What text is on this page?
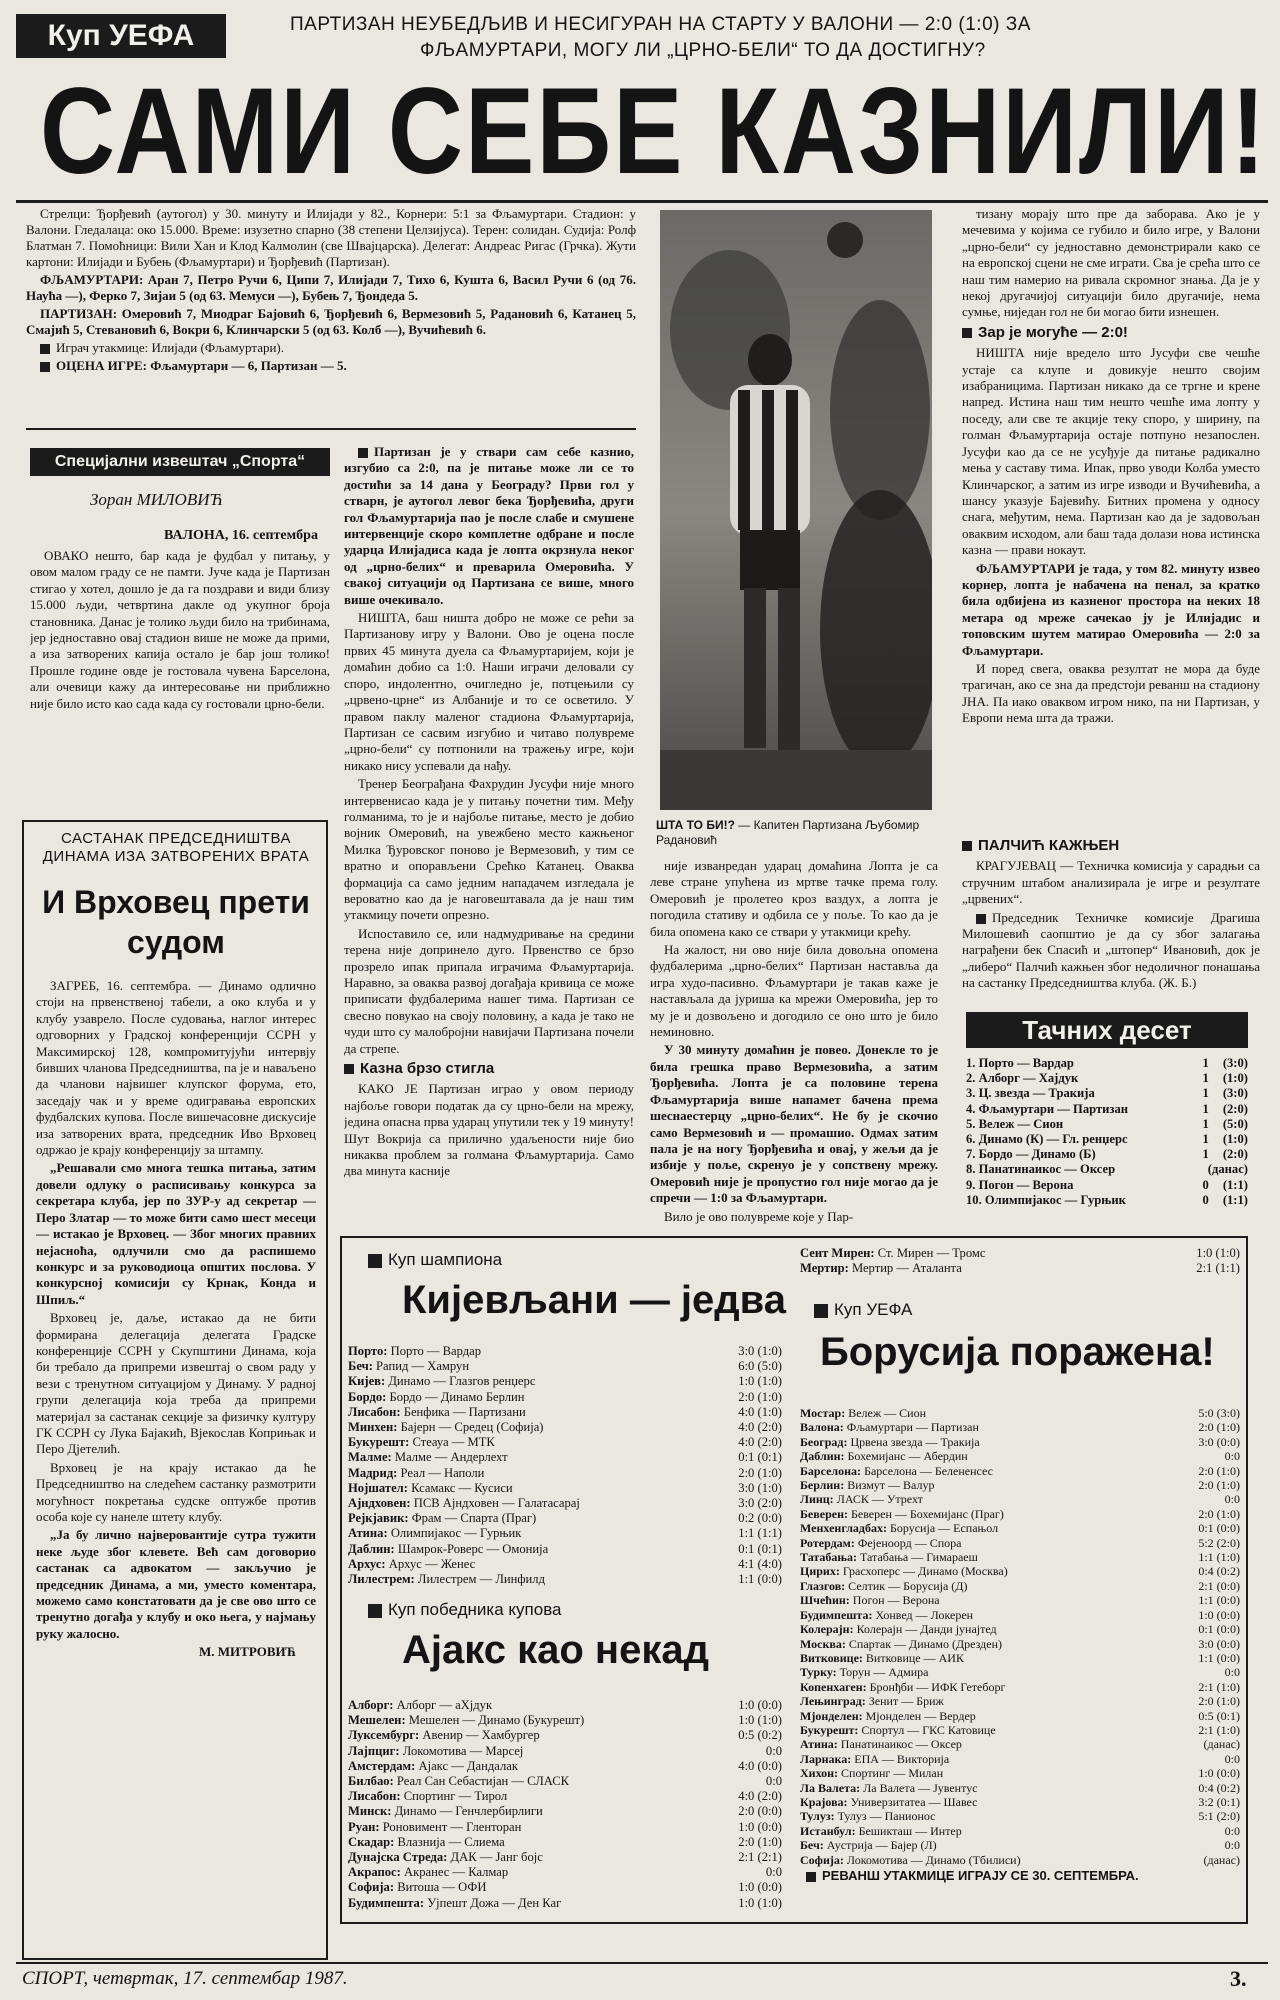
Куп УЕФА	ПАРТИЗАН НЕУБЕДЉИВ И НЕСИГУРАН НА СТАРТУ У ВАЛОНИ — 2:0 (1:0) ЗА
ФЉАМУРТАРИ, МОГУ ЛИ „ЦРНО-БЕЛИ“ ТО ДА ДОСТИГНУ?
САМИ СЕБЕ КАЗНИЛИ!

Стрелци: Ђорђевић (аутогол) у 30. минуту и Илијади у 82., Корнери: 5:1 за Фљамуртари. Стадион: у Валони. Гледалаца: око 15.000. Време: изузетно спарно (38 степени Целзијуса). Терен: солидан. Судија: Ролф Блатман 7. Помоћници: Вили Хан и Клод Калмолин (све Швајцарска). Делегат: Андреас Ригас (Грчка). Жути картони: Илијади и Бубењ (Фљамуртари) и Ђорђевић (Партизан).

ФЉАМУРТАРИ: Аран 7, Петро Ручи 6, Ципи 7, Илијади 7, Тихо 6, Кушта 6, Васил Ручи 6 (од 76. Наућа —), Ферко 7, Зијаи 5 (од 63. Мемуси —), Бубењ 7, Ђондеда 5.

ПАРТИЗАН: Омеровић 7, Миодраг Бајовић 6, Ђорђевић 6, Вермезовић 5, Радановић 6, Катанец 5, Смајић 5, Стевановић 6, Вокри 6, Клинчарски 5 (од 63. Колб —), Вучићевић 6.

Играч утакмице: Илијади (Фљамуртари).

ОЦЕНА ИГРЕ: Фљамуртари — 6, Партизан — 5.

Специјални извештач „Спорта“
Зоран МИЛОВИЋ
ВАЛОНА, 16. септембра

ОВАКО нешто, бар када је фудбал у питању, у овом малом граду се не памти. Јуче када је Партизан стигао у хотел, дошло је да га поздрави и види близу 15.000 људи, четвртина дакле од укупног броја становника. Данас је толико људи било на трибинама, јер једноставно овај стадион више не може да прими, а иза затворених капија остало је бар још толико! Прошле године овде је гостовала чувена Барселона, али очевици кажу да интересовање ни приближно није било исто као сада када су гостовали црно-бели.

Партизан је у ствари сам себе казнио, изгубио са 2:0, па је питање може ли се то достићи за 14 дана у Београду? Први гол у стварн, је аутогол левог бека Ђорђевића, други гол Фљамуртарија пао је после слабе и смушене интервенције скоро комплетне одбране и после ударца Илијадиса када је лопта окрзнула неког од „црно-белих“ и преварила Омеровића. У свакој ситуацији од Партизана се више, много више очекивало.

НИШТА, баш ништа добро не може се рећи за Партизанову игру у Валони. Ово је оцена после првих 45 минута дуела са Фљамуртаријем, који је домаћин добио са 1:0. Наши играчи деловали су споро, индолентно, очигледно је, потцењили су „црвено-црне“ из Албаније и то се осветило. У правом паклу маленог стадиона Фљамуртарија, Партизан се сасвим изгубио и читаво полувреме „црно-бели“ су потпонили на тражењу игре, који никако нису успевали да нађу.

Тренер Београђана Фахрудин Јусуфи није много интервенисао када је у питању почетни тим. Међу голманима, то је и најбоље питање, место је добио војник Омеровић, на увежбено место кажњеног Милка Ђуровског поново је Вермезовић, у тим се вратно и опорављени Срећко Катанец. Оваква формација са само једним нападачем изгледала је вероватно као да је наговештавала да је наш тим утакмицу почети опрезно.

Испоставило се, или надмудривање на средини терена није допринело дуго. Првенство се брзо прозрело ипак припала играчима Фљамуртарија. Наравно, за оваква развој догађаја кривица се може приписати фудбалерима нашег тима. Партизан се свесно повукао на своју половину, а када је тако не чуди што су малобројни навијачи Партизана почели да стрепе.

Казна брзо стигла

КАКО ЈЕ Партизан играо у овом периоду најбоље говори податак да су црно-бели на мрежу, једина опасна прва ударац упутили тек у 19 минуту! Шут Вокрија са прилично удаљености није био никаква проблем за голмана Фљамуртарија. Само два минута касније

ШТА ТО БИ!? — Капитен Партизана Љубомир Радановић

није изванредан ударац домаћина Лопта је са леве стране упућена из мртве тачке према голу. Омеровић је пролетео кроз ваздух, а лопта је погодила стативу и одбила се у поље. То као да је била опомена како се ствари у утакмици крећу.

На жалост, ни ово није била довољна опомена фудбалерима „црно-белих“ Партизан наставља да игра худо-пасивно. Фљамуртари је такав каже је настављала да јуриша ка мрежи Омеровића, јер то му је и дозвољено и догодило се оно што је било неминовно.

У 30 минуту домаћин је повео. Донекле то је била грешка право Вермезовића, а затим Ђорђевића. Лопта је са половине терена Фљамуртарија више напамет бачена према шеснаестерцу „црно-белих“. Не бу је скочио само Вермезовић и — промашио. Одмах затим пала је на ногу Ђорђевића и овај, у жељи да је избије у поље, скренуо је у сопствену мрежу. Омеровић није је пропустио гол није могао да је спречи — 1:0 за Фљамуртари.

Вило је ово полувреме које у Пар-

тизану морају што пре да заборава. Ако је у мечевима у којима се губило и било игре, у Валони „црно-бели“ су једноставно демонстрирали како се на европској сцени не сме играти. Сва је срећа што се наш тим намерио на ривала скромног знања. Да је у некој другачијој ситуацији било другачије, нема сумње, ниједан гол не би могао бити изнешен.

Зар је могуће — 2:0!

НИШТА није вредело што Јусуфи све чешће устаје са клупе и довикује нешто својим изабраницима. Партизан никако да се тргне и крене напред. Истина наш тим нешто чешће има лопту у поседу, али све те акције теку споро, у ширину, па голман Фљамуртарија остаје потпуно незапослен. Јусуфи као да се не усуђује да питање радикално мења у саставу тима. Ипак, прво уводи Колба уместо Клинчарског, а затим из игре изводи и Вучићевића, а шансу указује Бајевићу. Битних промена у односу снага, међутим, нема. Партизан као да је задовољан оваквим исходом, али баш тада долази нова истинска казна — прави нокаут.

ФЉАМУРТАРИ је тада, у том 82. минуту извео корнер, лопта је набачена на пенал, за кратко била одбијена из казненог простора на неких 18 метара од мреже сачекао ју је Илијадис и топовским шутем матирао Омеровића — 2:0 за Фљамуртари.

И поред свега, оваква резултат не мора да буде трагичан, ако се зна да предстоји реванш на стадиону ЈНА. Па иако оваквом игром нико, па ни Партизан, у Европи нема шта да тражи.

ПАЛЧИЋ КАЖЊЕН

КРАГУЈЕВАЦ — Техничка комисија у сарадњи са стручним штабом анализирала је игре и резултате „црвених“.

Председник Техничке комисије Драгиша Милошевић саопштио је да су због залагања награђени бек Спасић и „штопер“ Ивановић, док је „либеро“ Палчић кажњен због недоличног понашања на састанку Председништва клуба. (Ж. Б.)

Тачних десет
1. Порто — Вардар	1 (3:0)
2. Алборг — Хајдук	1 (1:0)
3. Ц. звезда — Тракија	1 (3:0)
4. Фљамуртари — Партизан	1 (2:0)
5. Вележ — Сион	1 (5:0)
6. Динамо (К) — Гл. ренџерс	1 (1:0)
7. Бордо — Динамо (Б)	1 (2:0)
8. Панатинаикос — Оксер	(данас)
9. Погон — Верона	0 (1:1)
10. Олимпијакос — Гурњик	0 (1:1)
САСТАНАК ПРЕДСЕДНИШТВА ДИНАМА ИЗА ЗАТВОРЕНИХ ВРАТА
И Врховец прети судом

ЗАГРЕБ, 16. септембра. — Динамо одлично стоји на првенственој табели, а око клуба и у клубу узаврело. После судовања, наглог интерес одговорних у Градској конференцији ССРН у Максимирској 128, компромитујући интервју бивших чланова Председништва, па је и наваљено да чланови највишег клупског форума, ето, заседају чак и у време одигравања европских фудбалских купова. После вишечасовне дискусије иза затворених врата, председник Иво Врховец одржао је крају конференцију за штампу.

„Решавали смо многа тешка питања, затим довели одлуку о расписивању конкурса за секретара клуба, јер по ЗУР-у ад секретар — Перо Златар — то може бити само шест месеци — истакао је Врховец. — Због многих правних нејасноћа, одлучили смо да распишемо конкурс и за руководиоца општих послова. У конкурсној комисији су Крнак, Конда и Шпиљ.“

Врховец је, даље, истакао да не бити формирана делегација делегата Градске конференције ССРН у Скупштини Динама, која би требало да припреми извештај о свом раду у вези с тренутном ситуацијом у Динаму. У радној групи делегација која треба да припреми материјал за састанак секције за физичку културу ГК ССРН су Лука Бајакић, Вјекослав Коприњак и Перо Дјетелић.

Врховец је на крају истакао да ће Председништво на следећем састанку размотрити могућност покретања судске оптужбе против особа које су нанеле штету клубу.

„Ја бу лично најверовантије сутра тужити неке људе због клевете. Већ сам договорио састанак са адвокатом — закључио је председник Динама, а ми, уместо коментара, можемо само констатовати да је све ово што се тренутно догађа у клубу и око њега, у најмању руку жалосно.

М. МИТРОВИЋ
Куп шампиона
Кијевљани — једва
Порто: Порто — Вардар	3:0 (1:0)
Беч: Рапид — Хамрун	6:0 (5:0)
Кијев: Динамо — Глазгов ренџерс	1:0 (1:0)
Бордо: Бордо — Динамо Берлин	2:0 (1:0)
Лисабон: Бенфика — Партизани	4:0 (1:0)
Минхен: Бајерн — Средец (Софија)	4:0 (2:0)
Букурешт: Стеауа — МТК	4:0 (2:0)
Малме: Малме — Андерлехт	0:1 (0:1)
Мадрид: Реал — Наполи	2:0 (1:0)
Нојшател: Ксамакс — Кусиси	3:0 (1:0)
Ајндховен: ПСВ Ајндховен — Галатасарај	3:0 (2:0)
Рејкјавик: Фрам — Спарта (Праг)	0:2 (0:0)
Атина: Олимпијакос — Гурњик	1:1 (1:1)
Даблин: Шамрок-Роверс — Омонија	0:1 (0:1)
Архус: Архус — Женес	4:1 (4:0)
Лилестрем: Лилестрем — Линфилд	1:1 (0:0)
Куп победника купова
Ајакс као некад
Алборг: Алборг — аХјдук	1:0 (0:0)
Мешелен: Мешелен — Динамо (Букурешт)	1:0 (1:0)
Луксембург: Авенир — Хамбургер	0:5 (0:2)
Лајпциг: Локомотива — Марсеј	0:0
Амстердам: Ајакс — Дандалак	4:0 (0:0)
Билбао: Реал Сан Себастијан — СЛАСК	0:0
Лисабон: Спортинг — Тирол	4:0 (2:0)
Минск: Динамо — Генчлербирлиги	2:0 (0:0)
Руан: Роновимент — Гленторан	1:0 (0:0)
Скадар: Влазнија — Слиема	2:0 (1:0)
Дунајска Стреда: ДАК — Јанг бојс	2:1 (2:1)
Акрапос: Акранес — Калмар	0:0
Софија: Витоша — ОФИ	1:0 (0:0)
Будимпешта: Уjпешт Дожа — Ден Каг	1:0 (1:0)
Сент Мирен: Ст. Мирен — Тромс	1:0 (1:0)
Мертир: Мертир — Аталанта	2:1 (1:1)
Куп УЕФА
Борусија поражена!
Мостар: Вележ — Сион	5:0 (3:0)
Валона: Фљамуртари — Партизан	2:0 (1:0)
Београд: Црвена звезда — Тракија	3:0 (0:0)
Даблин: Бохемијанс — Абердин	0:0
Барселона: Барселона — Белененсес	2:0 (1:0)
Берлин: Визмут — Валур	2:0 (1:0)
Линц: ЛАСК — Утрехт	0:0
Беверен: Беверен — Бохемијанс (Праг)	2:0 (1:0)
Менхенгладбах: Борусија — Еспањол	0:1 (0:0)
Ротердам: Фејеноорд — Спора	5:2 (2:0)
Татабања: Татабања — Гимараеш	1:1 (1:0)
Цирих: Грасхоперс — Динамо (Москва)	0:4 (0:2)
Глазгов: Селтик — Борусија (Д)	2:1 (0:0)
Шчећин: Погон — Верона	1:1 (0:0)
Будимпешта: Хонвед — Локерен	1:0 (0:0)
Колерајн: Колерајн — Данди јунајтед	0:1 (0:0)
Москва: Спартак — Динамо (Дрезден)	3:0 (0:0)
Витковице: Витковице — АИК	1:1 (0:0)
Турку: Торун — Адмира	0:0
Копенхаген: Бронђби — ИФК Гетеборг	2:1 (1:0)
Лењинград: Зенит — Бриж	2:0 (1:0)
Мјонделен: Мјонделен — Вердер	0:5 (0:1)
Букурешт: Спортул — ГКС Катовице	2:1 (1:0)
Атина: Панатинаикос — Оксер	(данас)
Ларнака: ЕПА — Викторија	0:0
Хихон: Спортинг — Милан	1:0 (0:0)
Ла Валета: Ла Валета — Јувентус	0:4 (0:2)
Крајова: Универзитатеа — Шавес	3:2 (0:1)
Тулуз: Тулуз — Панионос	5:1 (2:0)
Истанбул: Бешикташ — Интер	0:0
Беч: Аустрија — Бајер (Л)	0:0
Софија: Локомотива — Динамо (Тбилиси)	(данас)
РЕВАНШ УТАКМИЦЕ ИГРАЈУ СЕ 30. СЕПТЕМБРА.
СПОРТ, четвртак, 17. септембар 1987.	3.
